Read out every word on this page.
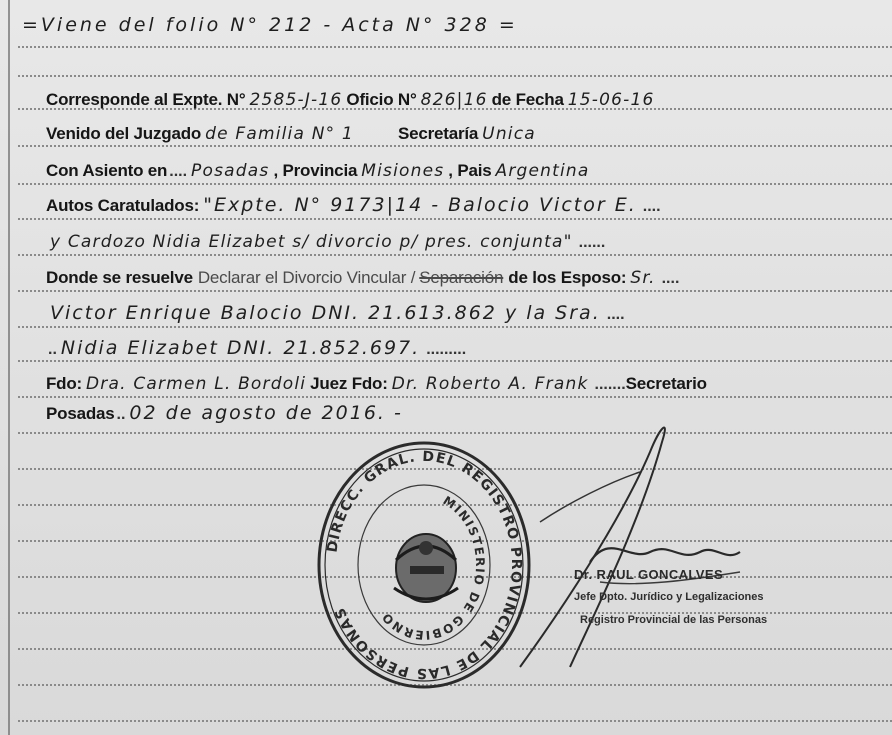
=Viene del folio N° 212 - Acta N° 328 =
Corresponde al Expte. N° 2585-J-16 Oficio N° 826|16 de Fecha 15-06-16
Venido del Juzgado de Familia N° 1	Secretaría Unica
Con Asiento en .... Posadas , Provincia Misiones , Pais Argentina
Autos Caratulados: "Expte. N° 9173|14 - Balocio Victor E. ....
y Cardozo Nidia Elizabet s/ divorcio p/ pres. conjunta" ......
Donde se resuelve Declarar el Divorcio Vincular / Separación de los Esposo: Sr. ....
Victor Enrique Balocio DNI. 21.613.862 y la Sra. ....
.. Nidia Elizabet DNI. 21.852.697. .........
Fdo: Dra. Carmen L. Bordoli Juez Fdo: Dr. Roberto A. Frank ....... Secretario
Posadas .. 02 de agosto de 2016. -
DIRECC. GRAL. DEL REGISTRO PROVINCIAL DE LAS PERSONAS
MINISTERIO DE GOBIERNO
Dr. RAUL GONCALVES
Jefe Dpto. Jurídico y Legalizaciones
Registro Provincial de las Personas
